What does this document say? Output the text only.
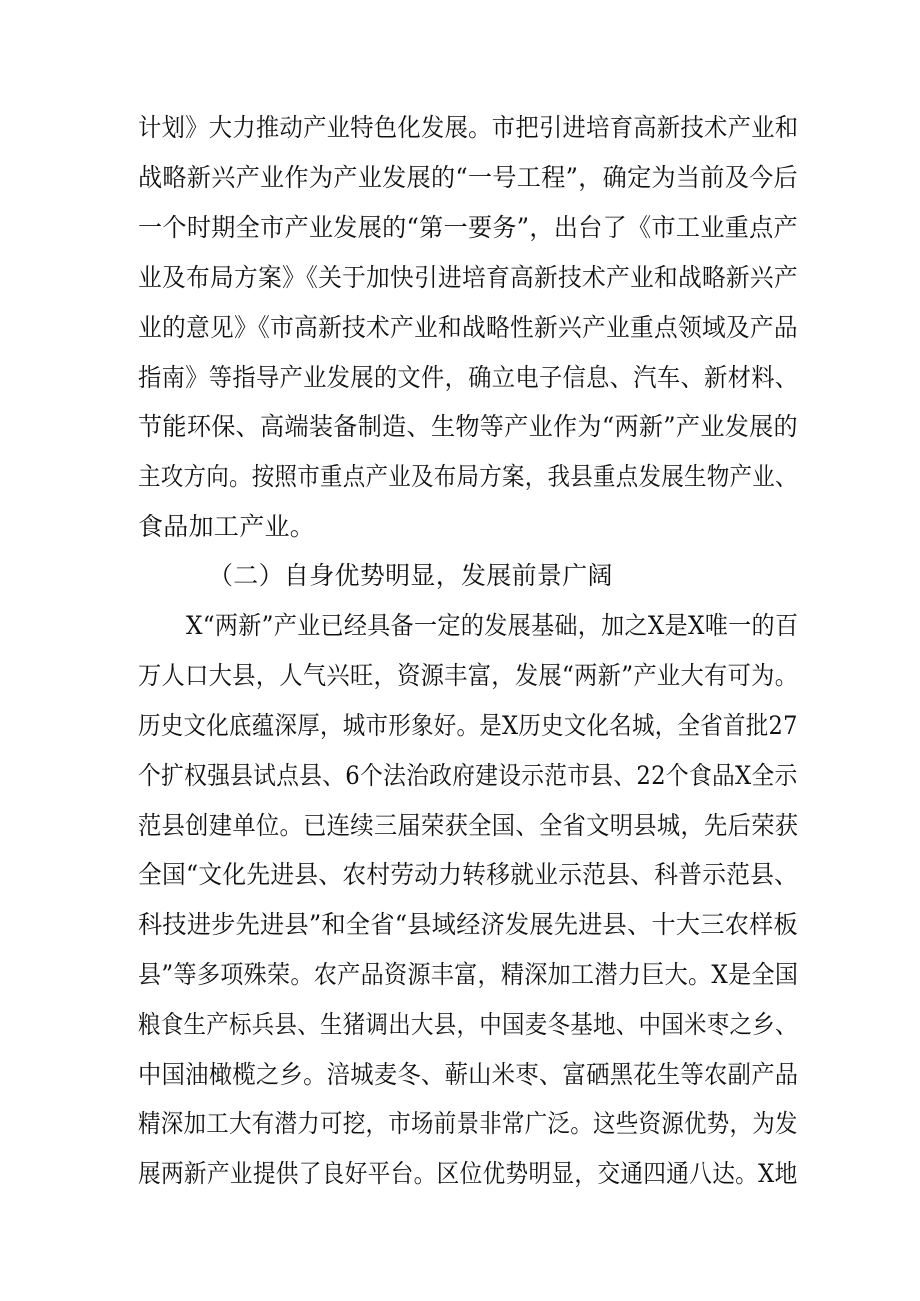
计划》大力推动产业特色化发展。市把引进培育高新技术产业和
战略新兴产业作为产业发展的“一号工程”，确定为当前及今后
一个时期全市产业发展的“第一要务”，出台了《市工业重点产
业及布局方案》《关于加快引进培育高新技术产业和战略新兴产
业的意见》《市高新技术产业和战略性新兴产业重点领域及产品
指南》等指导产业发展的文件，确立电子信息、汽车、新材料、
节能环保、高端装备制造、生物等产业作为“两新”产业发展的
主攻方向。按照市重点产业及布局方案，我县重点发展生物产业、
食品加工产业。
（二）自身优势明显，发展前景广阔
X“两新”产业已经具备一定的发展基础，加之X是X唯一的百
万人口大县，人气兴旺，资源丰富，发展“两新”产业大有可为。
历史文化底蕴深厚，城市形象好。是X历史文化名城，全省首批27
个扩权强县试点县、6个法治政府建设示范市县、22个食品X全示
范县创建单位。已连续三届荣获全国、全省文明县城，先后荣获
全国“文化先进县、农村劳动力转移就业示范县、科普示范县、
科技进步先进县”和全省“县域经济发展先进县、十大三农样板
县”等多项殊荣。农产品资源丰富，精深加工潜力巨大。X是全国
粮食生产标兵县、生猪调出大县，中国麦冬基地、中国米枣之乡、
中国油橄榄之乡。涪城麦冬、蕲山米枣、富硒黑花生等农副产品
精深加工大有潜力可挖，市场前景非常广泛。这些资源优势，为发
展两新产业提供了良好平台。区位优势明显，交通四通八达。X地
